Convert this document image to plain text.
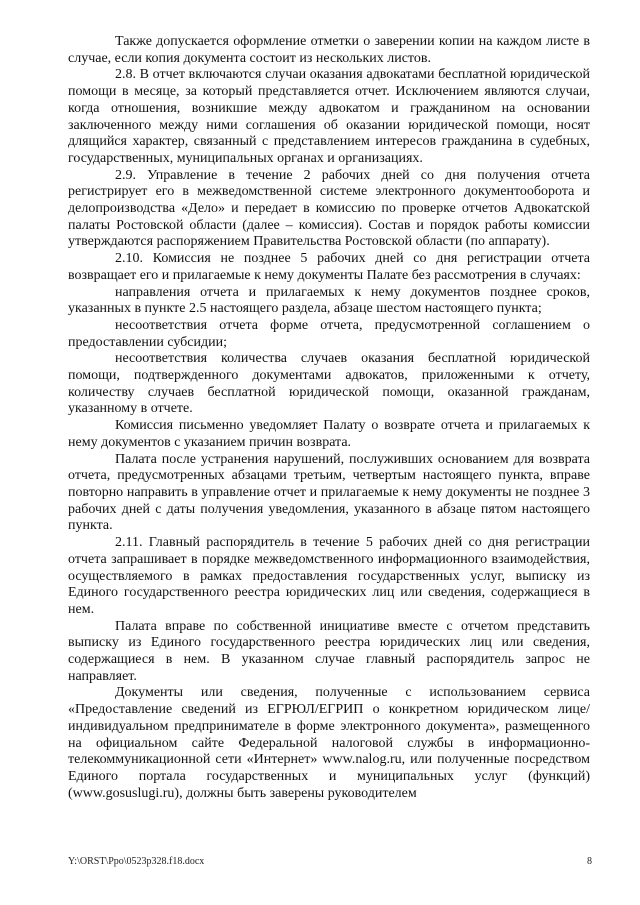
Также допускается оформление отметки о заверении копии на каждом листе в случае, если копия документа состоит из нескольких листов.

2.8. В отчет включаются случаи оказания адвокатами бесплатной юридической помощи в месяце, за который представляется отчет. Исключением являются случаи, когда отношения, возникшие между адвокатом и гражданином на основании заключенного между ними соглашения об оказании юридической помощи, носят длящийся характер, связанный с представлением интересов гражданина в судебных, государственных, муниципальных органах и организациях.

2.9. Управление в течение 2 рабочих дней со дня получения отчета регистрирует его в межведомственной системе электронного документооборота и делопроизводства «Дело» и передает в комиссию по проверке отчетов Адвокатской палаты Ростовской области (далее – комиссия). Состав и порядок работы комиссии утверждаются распоряжением Правительства Ростовской области (по аппарату).

2.10. Комиссия не позднее 5 рабочих дней со дня регистрации отчета возвращает его и прилагаемые к нему документы Палате без рассмотрения в случаях:

направления отчета и прилагаемых к нему документов позднее сроков, указанных в пункте 2.5 настоящего раздела, абзаце шестом настоящего пункта;

несоответствия отчета форме отчета, предусмотренной соглашением о предоставлении субсидии;

несоответствия количества случаев оказания бесплатной юридической помощи, подтвержденного документами адвокатов, приложенными к отчету, количеству случаев бесплатной юридической помощи, оказанной гражданам, указанному в отчете.

Комиссия письменно уведомляет Палату о возврате отчета и прилагаемых к нему документов с указанием причин возврата.

Палата после устранения нарушений, послуживших основанием для возврата отчета, предусмотренных абзацами третьим, четвертым настоящего пункта, вправе повторно направить в управление отчет и прилагаемые к нему документы не позднее 3 рабочих дней с даты получения уведомления, указанного в абзаце пятом настоящего пункта.

2.11. Главный распорядитель в течение 5 рабочих дней со дня регистрации отчета запрашивает в порядке межведомственного информационного взаимодействия, осуществляемого в рамках предоставления государственных услуг, выписку из Единого государственного реестра юридических лиц или сведения, содержащиеся в нем.

Палата вправе по собственной инициативе вместе с отчетом представить выписку из Единого государственного реестра юридических лиц или сведения, содержащиеся в нем. В указанном случае главный распорядитель запрос не направляет.

Документы или сведения, полученные с использованием сервиса «Предоставление сведений из ЕГРЮЛ/ЕГРИП о конкретном юридическом лице/индивидуальном предпринимателе в форме электронного документа», размещенного на официальном сайте Федеральной налоговой службы в информационно-телекоммуникационной сети «Интернет» www.nalog.ru, или полученные посредством Единого портала государственных и муниципальных услуг (функций) (www.gosuslugi.ru), должны быть заверены руководителем

Y:\ORST\Ppo\0523p328.f18.docx	8
